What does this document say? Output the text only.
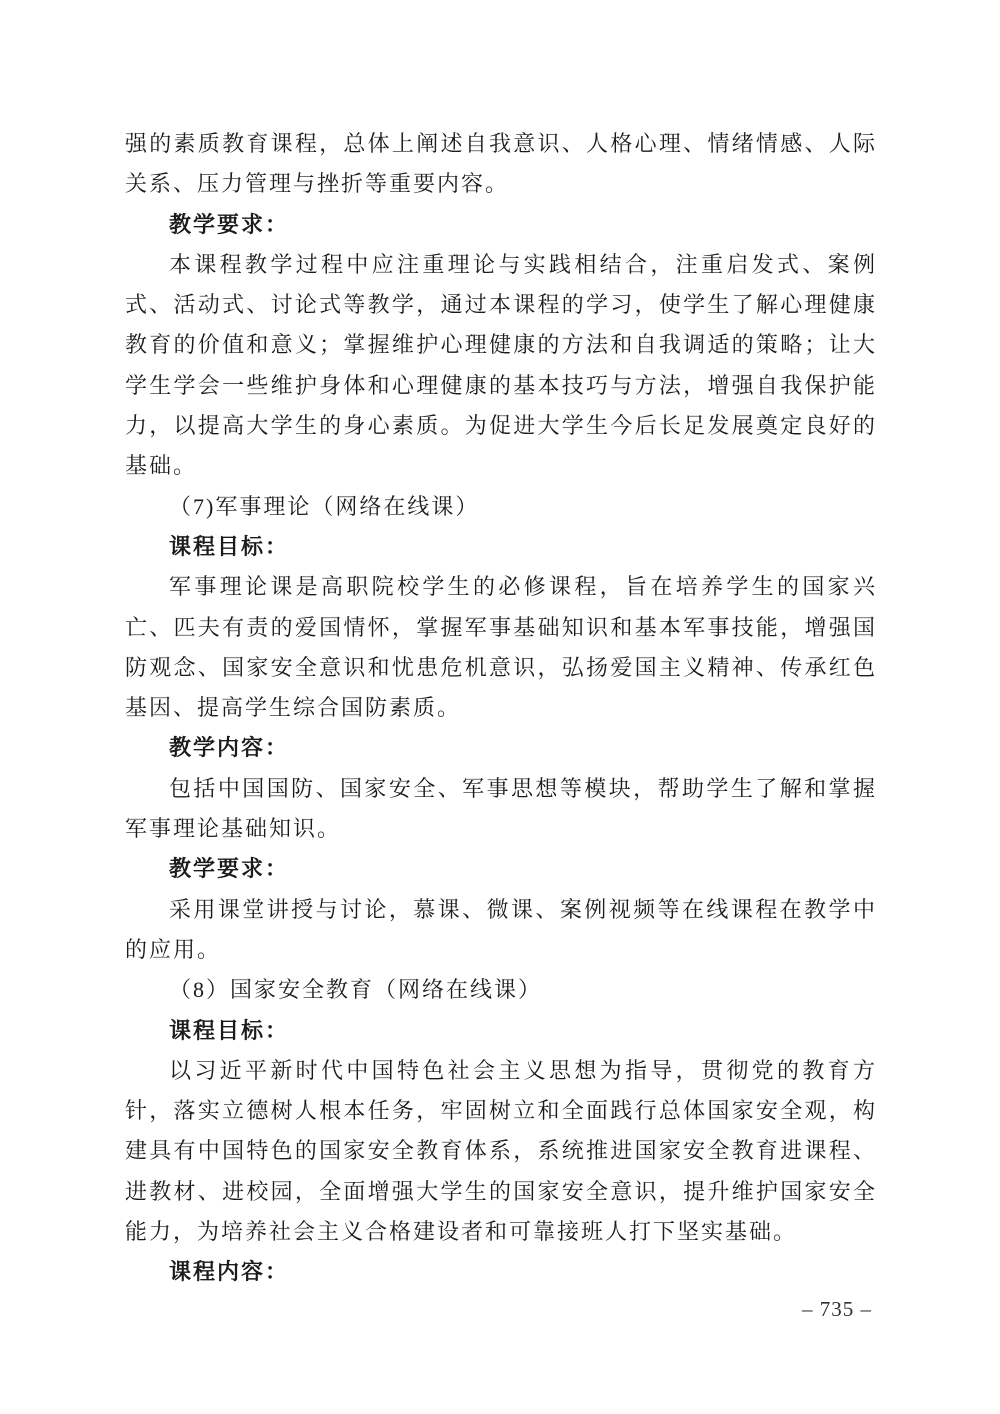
强的素质教育课程，总体上阐述自我意识、人格心理、情绪情感、人际关系、压力管理与挫折等重要内容。

教学要求：

本课程教学过程中应注重理论与实践相结合，注重启发式、案例式、活动式、讨论式等教学，通过本课程的学习，使学生了解心理健康教育的价值和意义；掌握维护心理健康的方法和自我调适的策略；让大学生学会一些维护身体和心理健康的基本技巧与方法，增强自我保护能力，以提高大学生的身心素质。为促进大学生今后长足发展奠定良好的基础。

（7)军事理论（网络在线课）

课程目标：

军事理论课是高职院校学生的必修课程，旨在培养学生的国家兴亡、匹夫有责的爱国情怀，掌握军事基础知识和基本军事技能，增强国防观念、国家安全意识和忧患危机意识，弘扬爱国主义精神、传承红色基因、提高学生综合国防素质。

教学内容：

包括中国国防、国家安全、军事思想等模块，帮助学生了解和掌握军事理论基础知识。

教学要求：

采用课堂讲授与讨论，慕课、微课、案例视频等在线课程在教学中的应用。

（8）国家安全教育（网络在线课）

课程目标：

以习近平新时代中国特色社会主义思想为指导，贯彻党的教育方针，落实立德树人根本任务，牢固树立和全面践行总体国家安全观，构建具有中国特色的国家安全教育体系，系统推进国家安全教育进课程、进教材、进校园，全面增强大学生的国家安全意识，提升维护国家安全能力，为培养社会主义合格建设者和可靠接班人打下坚实基础。

课程内容：

– 735 –
